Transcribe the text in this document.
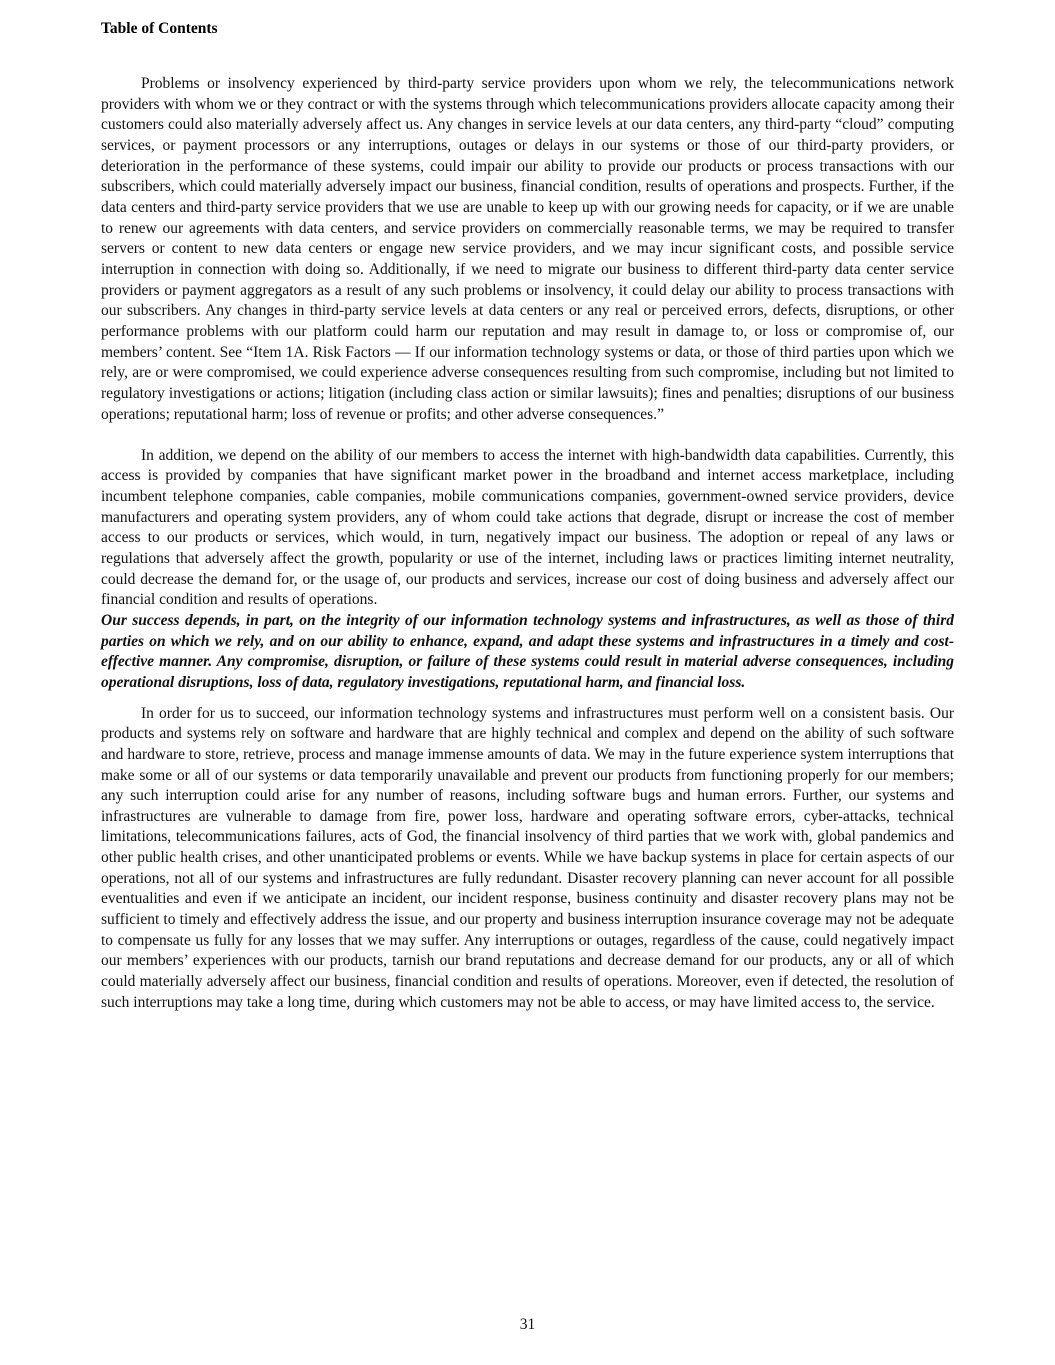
Table of Contents

Problems or insolvency experienced by third-party service providers upon whom we rely, the telecommunications network providers with whom we or they contract or with the systems through which telecommunications providers allocate capacity among their customers could also materially adversely affect us. Any changes in service levels at our data centers, any third-party “cloud” computing services, or payment processors or any interruptions, outages or delays in our systems or those of our third-party providers, or deterioration in the performance of these systems, could impair our ability to provide our products or process transactions with our subscribers, which could materially adversely impact our business, financial condition, results of operations and prospects. Further, if the data centers and third-party service providers that we use are unable to keep up with our growing needs for capacity, or if we are unable to renew our agreements with data centers, and service providers on commercially reasonable terms, we may be required to transfer servers or content to new data centers or engage new service providers, and we may incur significant costs, and possible service interruption in connection with doing so. Additionally, if we need to migrate our business to different third-party data center service providers or payment aggregators as a result of any such problems or insolvency, it could delay our ability to process transactions with our subscribers. Any changes in third-party service levels at data centers or any real or perceived errors, defects, disruptions, or other performance problems with our platform could harm our reputation and may result in damage to, or loss or compromise of, our members’ content. See “Item 1A. Risk Factors — If our information technology systems or data, or those of third parties upon which we rely, are or were compromised, we could experience adverse consequences resulting from such compromise, including but not limited to regulatory investigations or actions; litigation (including class action or similar lawsuits); fines and penalties; disruptions of our business operations; reputational harm; loss of revenue or profits; and other adverse consequences.”

In addition, we depend on the ability of our members to access the internet with high-bandwidth data capabilities. Currently, this access is provided by companies that have significant market power in the broadband and internet access marketplace, including incumbent telephone companies, cable companies, mobile communications companies, government-owned service providers, device manufacturers and operating system providers, any of whom could take actions that degrade, disrupt or increase the cost of member access to our products or services, which would, in turn, negatively impact our business. The adoption or repeal of any laws or regulations that adversely affect the growth, popularity or use of the internet, including laws or practices limiting internet neutrality, could decrease the demand for, or the usage of, our products and services, increase our cost of doing business and adversely affect our financial condition and results of operations.

Our success depends, in part, on the integrity of our information technology systems and infrastructures, as well as those of third parties on which we rely, and on our ability to enhance, expand, and adapt these systems and infrastructures in a timely and cost-effective manner. Any compromise, disruption, or failure of these systems could result in material adverse consequences, including operational disruptions, loss of data, regulatory investigations, reputational harm, and financial loss.

In order for us to succeed, our information technology systems and infrastructures must perform well on a consistent basis. Our products and systems rely on software and hardware that are highly technical and complex and depend on the ability of such software and hardware to store, retrieve, process and manage immense amounts of data. We may in the future experience system interruptions that make some or all of our systems or data temporarily unavailable and prevent our products from functioning properly for our members; any such interruption could arise for any number of reasons, including software bugs and human errors. Further, our systems and infrastructures are vulnerable to damage from fire, power loss, hardware and operating software errors, cyber-attacks, technical limitations, telecommunications failures, acts of God, the financial insolvency of third parties that we work with, global pandemics and other public health crises, and other unanticipated problems or events. While we have backup systems in place for certain aspects of our operations, not all of our systems and infrastructures are fully redundant. Disaster recovery planning can never account for all possible eventualities and even if we anticipate an incident, our incident response, business continuity and disaster recovery plans may not be sufficient to timely and effectively address the issue, and our property and business interruption insurance coverage may not be adequate to compensate us fully for any losses that we may suffer. Any interruptions or outages, regardless of the cause, could negatively impact our members’ experiences with our products, tarnish our brand reputations and decrease demand for our products, any or all of which could materially adversely affect our business, financial condition and results of operations. Moreover, even if detected, the resolution of such interruptions may take a long time, during which customers may not be able to access, or may have limited access to, the service.

31
